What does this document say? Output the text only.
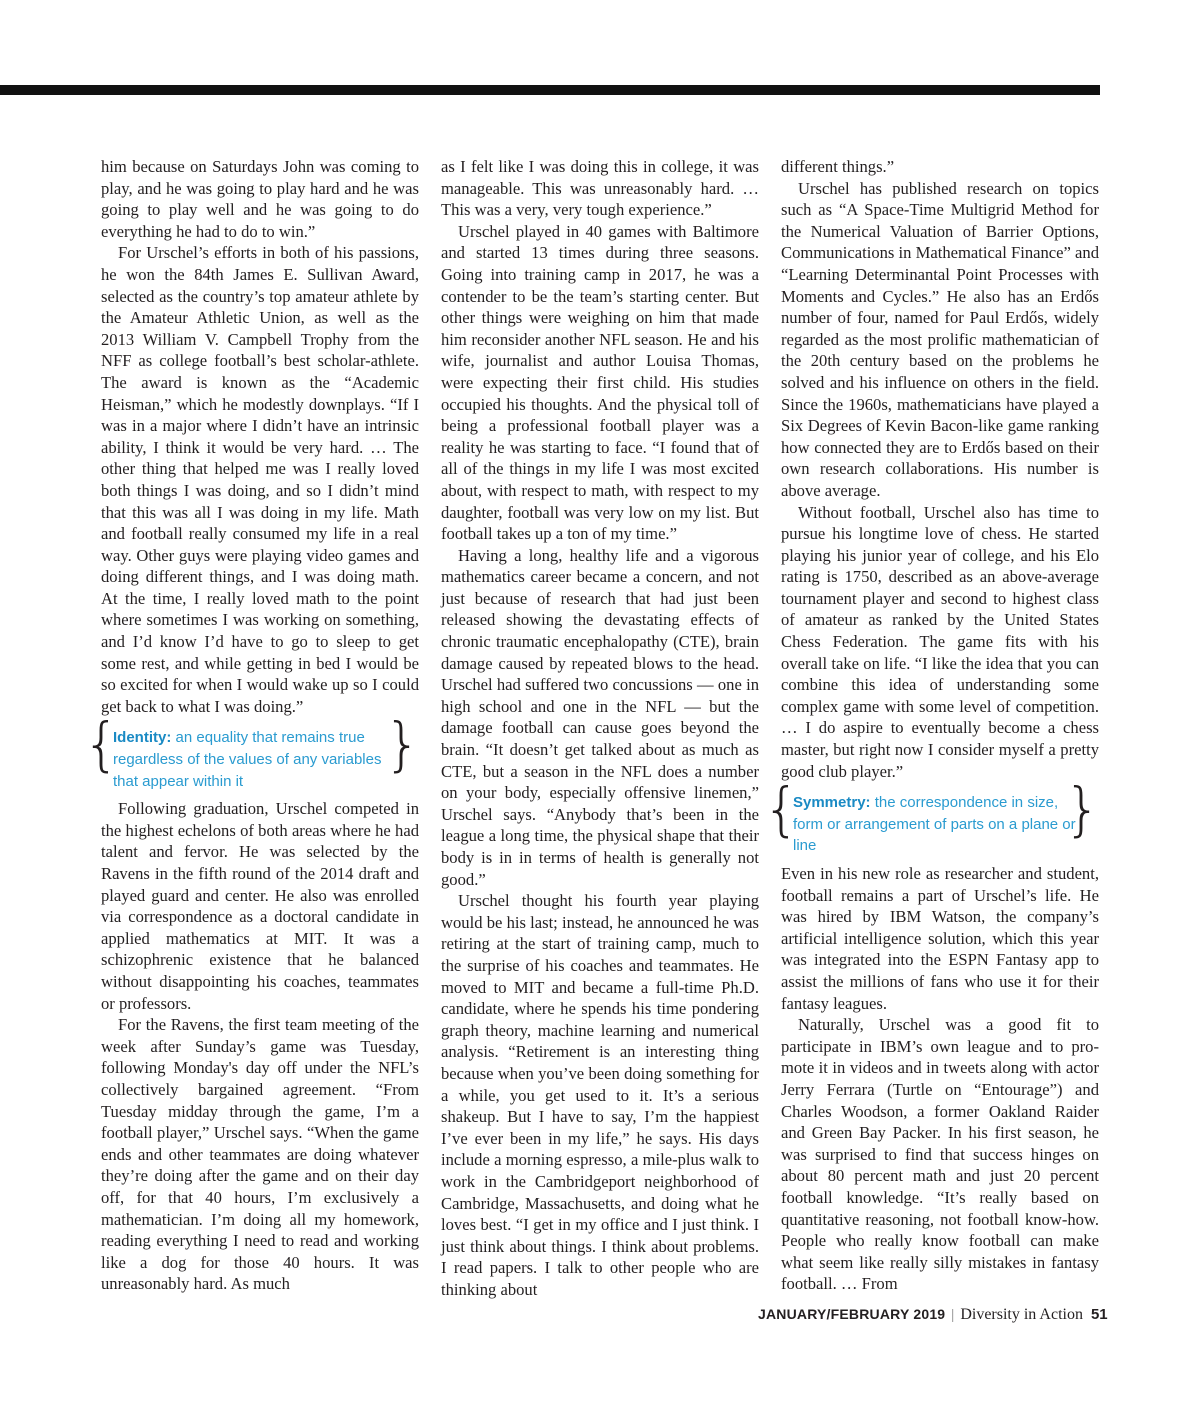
him because on Saturdays John was coming to play, and he was going to play hard and he was going to play well and he was going to do everything he had to do to win.”

For Urschel’s efforts in both of his passions, he won the 84th James E. Sullivan Award, selected as the country’s top amateur athlete by the Amateur Athletic Union, as well as the 2013 William V. Campbell Trophy from the NFF as college football’s best scholar-athlete. The award is known as the “Academic Heisman,” which he modestly downplays. “If I was in a major where I didn’t have an intrinsic ability, I think it would be very hard. … The other thing that helped me was I really loved both things I was doing, and so I didn’t mind that this was all I was doing in my life. Math and football really consumed my life in a real way. Other guys were playing video games and doing different things, and I was doing math. At the time, I really loved math to the point where sometimes I was working on something, and I’d know I’d have to go to sleep to get some rest, and while getting in bed I would be so excited for when I would wake up so I could get back to what I was doing.”

{
Identity: an equality that remains true regardless of the values of any variables that appear within it
}

Following graduation, Urschel competed in the highest echelons of both areas where he had talent and fervor. He was selected by the Ravens in the fifth round of the 2014 draft and played guard and center. He also was enrolled via correspondence as a doctoral candidate in applied mathematics at MIT. It was a schizophrenic existence that he balanced without disappointing his coaches, teammates or professors.

For the Ravens, the first team meeting of the week after Sunday’s game was Tuesday, following Monday's day off under the NFL’s collectively bargained agreement. “From Tuesday midday through the game, I’m a football player,” Urschel says. “When the game ends and other teammates are doing whatever they’re doing after the game and on their day off, for that 40 hours, I’m exclusively a mathematician. I’m doing all my homework, reading everything I need to read and working like a dog for those 40 hours. It was unreasonably hard. As much

as I felt like I was doing this in college, it was manageable. This was unreasonably hard. … This was a very, very tough experience.”

Urschel played in 40 games with Baltimore and started 13 times during three seasons. Going into training camp in 2017, he was a contender to be the team’s starting center. But other things were weighing on him that made him reconsider another NFL season. He and his wife, journalist and author Louisa Thomas, were expecting their first child. His studies occupied his thoughts. And the physical toll of being a professional football player was a reality he was starting to face. “I found that of all of the things in my life I was most excited about, with respect to math, with respect to my daughter, football was very low on my list. But football takes up a ton of my time.”

Having a long, healthy life and a vigorous mathematics career became a concern, and not just because of research that had just been released showing the devastating effects of chronic traumatic encephalopathy (CTE), brain damage caused by repeated blows to the head. Urschel had suffered two concussions — one in high school and one in the NFL — but the damage football can cause goes beyond the brain. “It doesn’t get talked about as much as CTE, but a season in the NFL does a number on your body, especially offensive linemen,” Urschel says. “Anybody that’s been in the league a long time, the physical shape that their body is in in terms of health is generally not good.”

Urschel thought his fourth year playing would be his last; instead, he announced he was retiring at the start of training camp, much to the surprise of his coaches and teammates. He moved to MIT and became a full-time Ph.D. candidate, where he spends his time pondering graph theory, machine learning and numerical analysis. “Retirement is an interesting thing because when you’ve been doing something for a while, you get used to it. It’s a serious shakeup. But I have to say, I’m the happiest I’ve ever been in my life,” he says. His days include a morning espresso, a mile-plus walk to work in the Cambridgeport neighborhood of Cambridge, Massachusetts, and doing what he loves best. “I get in my office and I just think. I just think about things. I think about problems. I read papers. I talk to other people who are thinking about

different things.”

Urschel has published research on topics such as “A Space-Time Multigrid Method for the Numerical Valuation of Barrier Options, Communications in Mathematical Finance” and “Learning Determinantal Point Processes with Moments and Cycles.” He also has an Erdős number of four, named for Paul Erdős, widely regarded as the most prolific mathematician of the 20th century based on the problems he solved and his influence on others in the field. Since the 1960s, mathematicians have played a Six Degrees of Kevin Bacon-like game ranking how connected they are to Erdős based on their own research collaborations. His number is above average.

Without football, Urschel also has time to pursue his longtime love of chess. He started playing his junior year of college, and his Elo rating is 1750, described as an above-average tournament player and second to highest class of amateur as ranked by the United States Chess Federation. The game fits with his overall take on life. “I like the idea that you can combine this idea of understanding some complex game with some level of competition. … I do aspire to eventually become a chess master, but right now I consider myself a pretty good club player.”

{
Symmetry: the correspondence in size, form or arrangement of parts on a plane or line
}

Even in his new role as researcher and student, football remains a part of Urschel’s life. He was hired by IBM Watson, the company’s artificial intelligence solution, which this year was integrated into the ESPN Fantasy app to assist the millions of fans who use it for their fantasy leagues.

Naturally, Urschel was a good fit to participate in IBM’s own league and to promote it in videos and in tweets along with actor Jerry Ferrara (Turtle on “Entourage”) and Charles Woodson, a former Oakland Raider and Green Bay Packer. In his first season, he was surprised to find that success hinges on about 80 percent math and just 20 percent football knowledge. “It’s really based on quantitative reasoning, not football know-how. People who really know football can make what seem like really silly mistakes in fantasy football. … From

JANUARY/FEBRUARY 2019 | Diversity in Action 51
